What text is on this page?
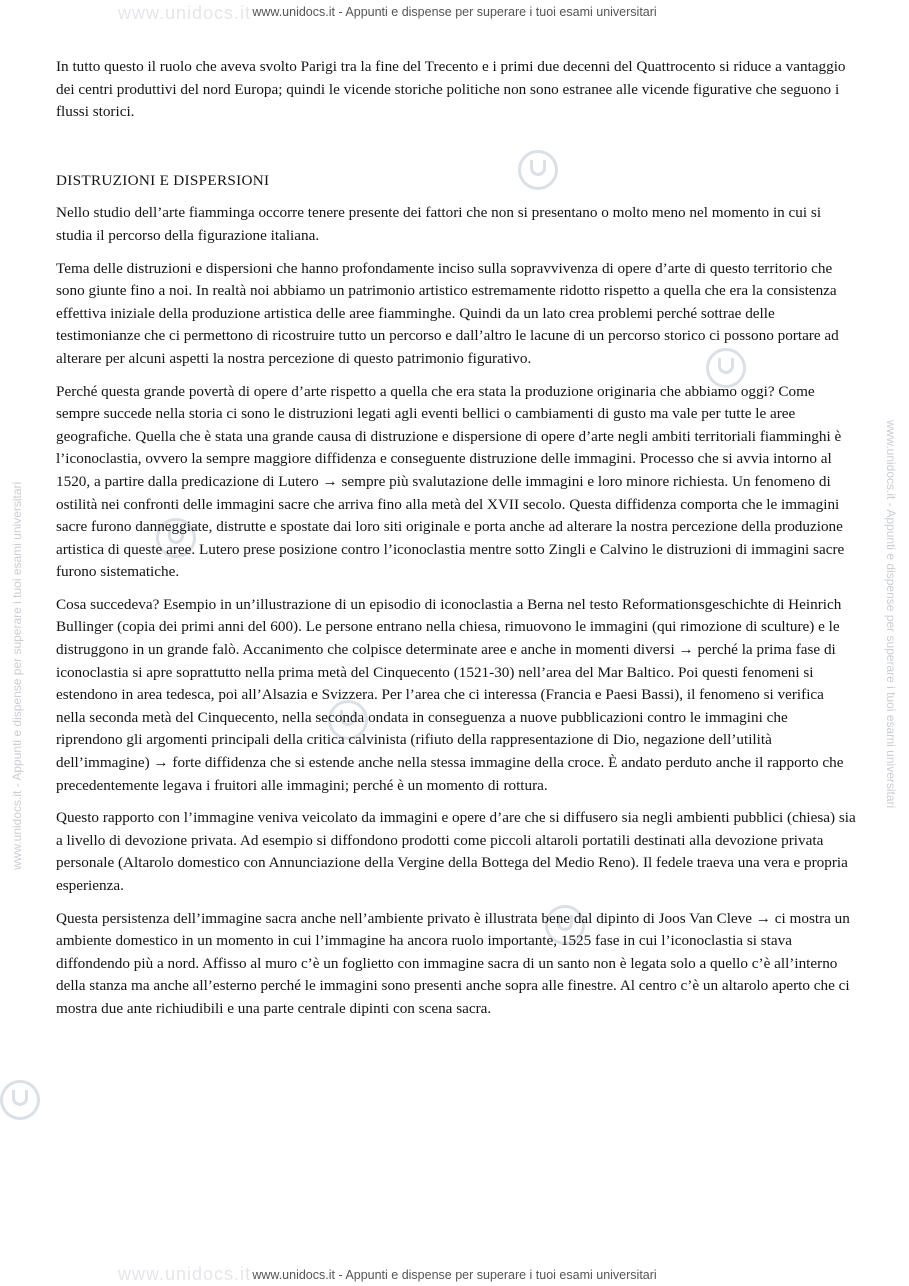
www.unidocs.it
www.unidocs.it
www.unidocs.it - Appunti e dispense per superare i tuoi esami universitari
www.unidocs.it - Appunti e dispense per superare i tuoi esami universitari
www.unidocs.it - Appunti e dispense per superare i tuoi esami universitari	www.unidocs.it - Appunti e dispense per superare i tuoi esami universitari

In tutto questo il ruolo che aveva svolto Parigi tra la fine del Trecento e i primi due decenni del Quattrocento si riduce a vantaggio dei centri produttivi del nord Europa; quindi le vicende storiche politiche non sono estranee alle vicende figurative che seguono i flussi storici.

DISTRUZIONI E DISPERSIONI

Nello studio dell’arte fiamminga occorre tenere presente dei fattori che non si presentano o molto meno nel momento in cui si studia il percorso della figurazione italiana.

Tema delle distruzioni e dispersioni che hanno profondamente inciso sulla sopravvivenza di opere d’arte di questo territorio che sono giunte fino a noi. In realtà noi abbiamo un patrimonio artistico estremamente ridotto rispetto a quella che era la consistenza effettiva iniziale della produzione artistica delle aree fiamminghe. Quindi da un lato crea problemi perché sottrae delle testimonianze che ci permettono di ricostruire tutto un percorso e dall’altro le lacune di un percorso storico ci possono portare ad alterare per alcuni aspetti la nostra percezione di questo patrimonio figurativo.

Perché questa grande povertà di opere d’arte rispetto a quella che era stata la produzione originaria che abbiamo oggi? Come sempre succede nella storia ci sono le distruzioni legati agli eventi bellici o cambiamenti di gusto ma vale per tutte le aree geografiche. Quella che è stata una grande causa di distruzione e dispersione di opere d’arte negli ambiti territoriali fiamminghi è l’iconoclastia, ovvero la sempre maggiore diffidenza e conseguente distruzione delle immagini. Processo che si avvia intorno al 1520, a partire dalla predicazione di Lutero → sempre più svalutazione delle immagini e loro minore richiesta. Un fenomeno di ostilità nei confronti delle immagini sacre che arriva fino alla metà del XVII secolo. Questa diffidenza comporta che le immagini sacre furono danneggiate, distrutte e spostate dai loro siti originale e porta anche ad alterare la nostra percezione della produzione artistica di queste aree. Lutero prese posizione contro l’iconoclastia mentre sotto Zingli e Calvino le distruzioni di immagini sacre furono sistematiche.

Cosa succedeva? Esempio in un’illustrazione di un episodio di iconoclastia a Berna nel testo Reformationsgeschichte di Heinrich Bullinger (copia dei primi anni del 600). Le persone entrano nella chiesa, rimuovono le immagini (qui rimozione di sculture) e le distruggono in un grande falò. Accanimento che colpisce determinate aree e anche in momenti diversi → perché la prima fase di iconoclastia si apre soprattutto nella prima metà del Cinquecento (1521-30) nell’area del Mar Baltico. Poi questi fenomeni si estendono in area tedesca, poi all’Alsazia e Svizzera. Per l’area che ci interessa (Francia e Paesi Bassi), il fenomeno si verifica nella seconda metà del Cinquecento, nella seconda ondata in conseguenza a nuove pubblicazioni contro le immagini che riprendono gli argomenti principali della critica calvinista (rifiuto della rappresentazione di Dio, negazione dell’utilità dell’immagine) → forte diffidenza che si estende anche nella stessa immagine della croce. È andato perduto anche il rapporto che precedentemente legava i fruitori alle immagini; perché è un momento di rottura.

Questo rapporto con l’immagine veniva veicolato da immagini e opere d’are che si diffusero sia negli ambienti pubblici (chiesa) sia a livello di devozione privata. Ad esempio si diffondono prodotti come piccoli altaroli portatili destinati alla devozione privata personale (Altarolo domestico con Annunciazione della Vergine della Bottega del Medio Reno). Il fedele traeva una vera e propria esperienza.

Questa persistenza dell’immagine sacra anche nell’ambiente privato è illustrata bene dal dipinto di Joos Van Cleve → ci mostra un ambiente domestico in un momento in cui l’immagine ha ancora ruolo importante, 1525 fase in cui l’iconoclastia si stava diffondendo più a nord. Affisso al muro c’è un foglietto con immagine sacra di un santo non è legata solo a quello c’è all’interno della stanza ma anche all’esterno perché le immagini sono presenti anche sopra alle finestre. Al centro c’è un altarolo aperto che ci mostra due ante richiudibili e una parte centrale dipinti con scena sacra.
